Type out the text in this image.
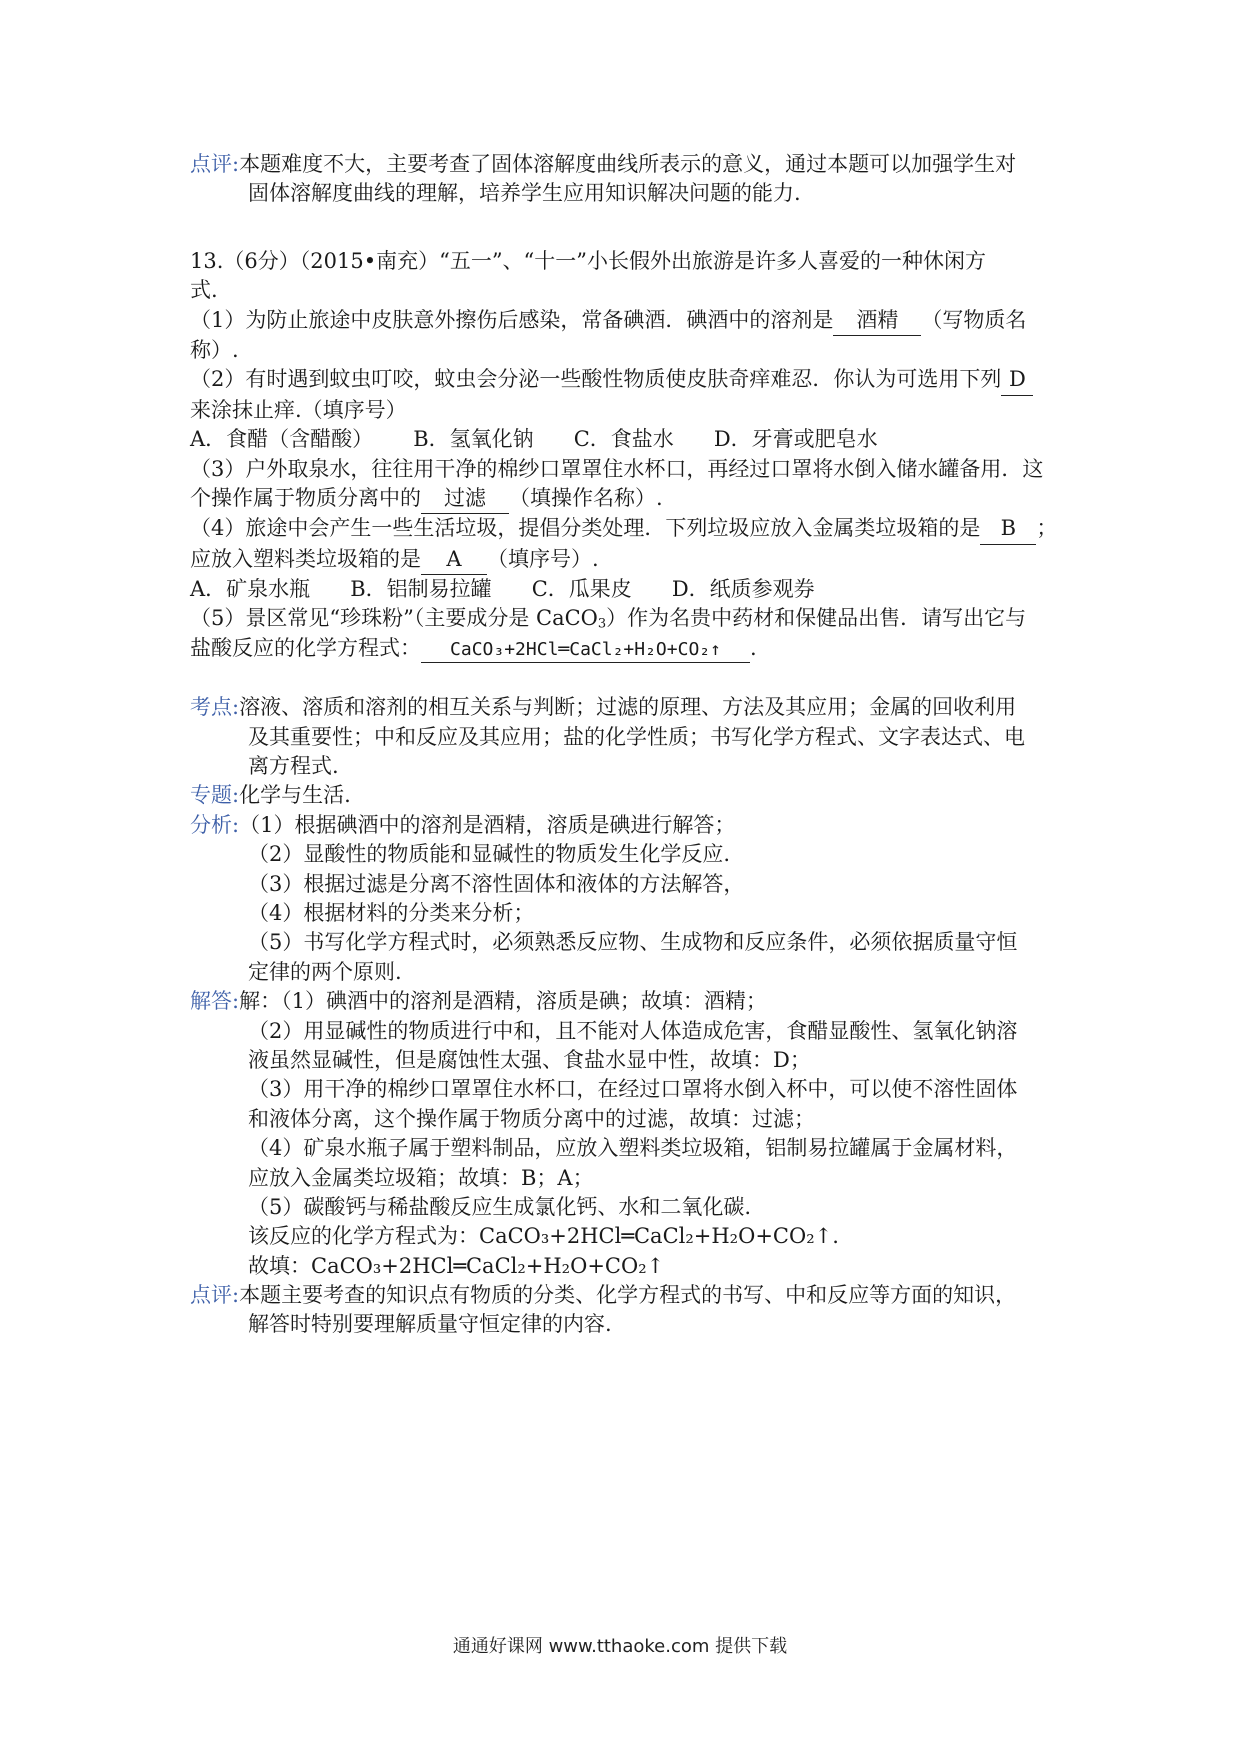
点评:本题难度不大，主要考查了固体溶解度曲线所表示的意义，通过本题可以加强学生对

固体溶解度曲线的理解，培养学生应用知识解决问题的能力.

13.（6分）（2015•南充）“五一”、“十一”小长假外出旅游是许多人喜爱的一种休闲方

式.

（1）为防止旅途中皮肤意外擦伤后感染，常备碘酒．碘酒中的溶剂是 酒精 （写物质名

称）.

（2）有时遇到蚊虫叮咬，蚊虫会分泌一些酸性物质使皮肤奇痒难忍．你认为可选用下列 D

来涂抹止痒.（填序号）

A．食醋（含醋酸）      B．氢氧化钠      C．食盐水      D．牙膏或肥皂水

（3）户外取泉水，往往用干净的棉纱口罩罩住水杯口，再经过口罩将水倒入储水罐备用．这

个操作属于物质分离中的 过滤 （填操作名称）.

（4）旅途中会产生一些生活垃圾，提倡分类处理．下列垃圾应放入金属类垃圾箱的是 B ；

应放入塑料类垃圾箱的是 A （填序号）.

A．矿泉水瓶      B．铝制易拉罐      C．瓜果皮      D．纸质参观券

（5）景区常见“珍珠粉”（主要成分是 CaCO$_3$）作为名贵中药材和保健品出售．请写出它与

盐酸反应的化学方程式： CaCO₃+2HCl═CaCl₂+H₂O+CO₂↑ .

考点:溶液、溶质和溶剂的相互关系与判断；过滤的原理、方法及其应用；金属的回收利用

及其重要性；中和反应及其应用；盐的化学性质；书写化学方程式、文字表达式、电

离方程式.

专题:化学与生活.

分析:（1）根据碘酒中的溶剂是酒精，溶质是碘进行解答；

（2）显酸性的物质能和显碱性的物质发生化学反应.

（3）根据过滤是分离不溶性固体和液体的方法解答，

（4）根据材料的分类来分析；

（5）书写化学方程式时，必须熟悉反应物、生成物和反应条件，必须依据质量守恒

定律的两个原则.

解答:解：（1）碘酒中的溶剂是酒精，溶质是碘；故填：酒精；

（2）用显碱性的物质进行中和，且不能对人体造成危害，食醋显酸性、氢氧化钠溶

液虽然显碱性，但是腐蚀性太强、食盐水显中性，故填：D；

（3）用干净的棉纱口罩罩住水杯口，在经过口罩将水倒入杯中，可以使不溶性固体

和液体分离，这个操作属于物质分离中的过滤，故填：过滤；

（4）矿泉水瓶子属于塑料制品，应放入塑料类垃圾箱，铝制易拉罐属于金属材料，

应放入金属类垃圾箱；故填：B；A；

（5）碳酸钙与稀盐酸反应生成氯化钙、水和二氧化碳.

该反应的化学方程式为：CaCO₃+2HCl═CaCl₂+H₂O+CO₂↑.

故填：CaCO₃+2HCl═CaCl₂+H₂O+CO₂↑

点评:本题主要考查的知识点有物质的分类、化学方程式的书写、中和反应等方面的知识，

解答时特别要理解质量守恒定律的内容.

通通好课网 www.tthaoke.com 提供下载
